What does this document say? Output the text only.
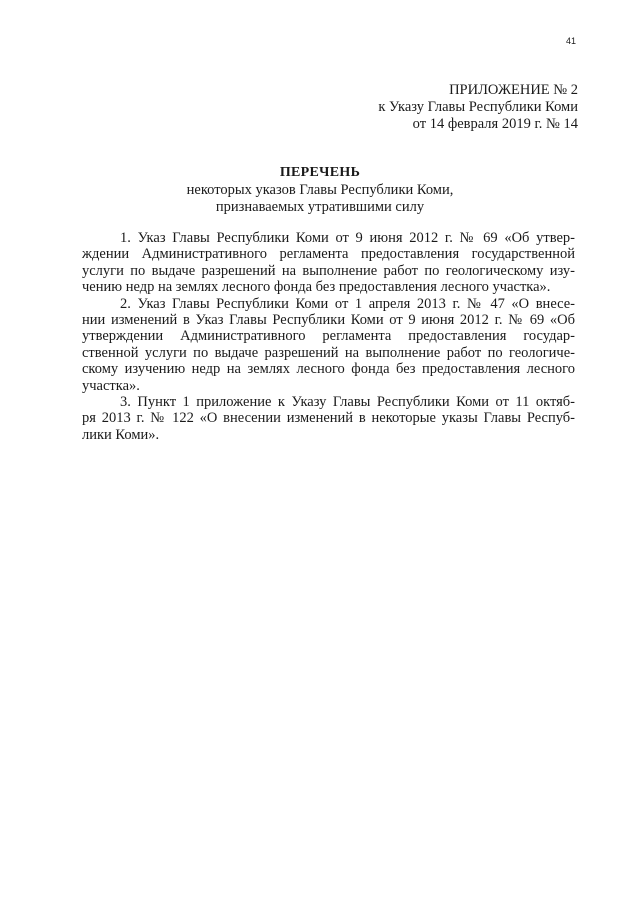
41
ПРИЛОЖЕНИЕ № 2
к Указу Главы Республики Коми
от 14 февраля 2019 г. № 14
ПЕРЕЧЕНЬ
некоторых указов Главы Республики Коми,
признаваемых утратившими силу
1. Указ Главы Республики Коми от 9 июня 2012 г. № 69 «Об утвер-
ждении Административного регламента предоставления государственной
услуги по выдаче разрешений на выполнение работ по геологическому изу-
чению недр на землях лесного фонда без предоставления лесного участка».
2. Указ Главы Республики Коми от 1 апреля 2013 г. № 47 «О внесе-
нии изменений в Указ Главы Республики Коми от 9 июня 2012 г. № 69 «Об
утверждении Административного регламента предоставления государ-
ственной услуги по выдаче разрешений на выполнение работ по геологиче-
скому изучению недр на землях лесного фонда без предоставления лесного
участка».
3. Пункт 1 приложение к Указу Главы Республики Коми от 11 октяб-
ря 2013 г. № 122 «О внесении изменений в некоторые указы Главы Респуб-
лики Коми».
